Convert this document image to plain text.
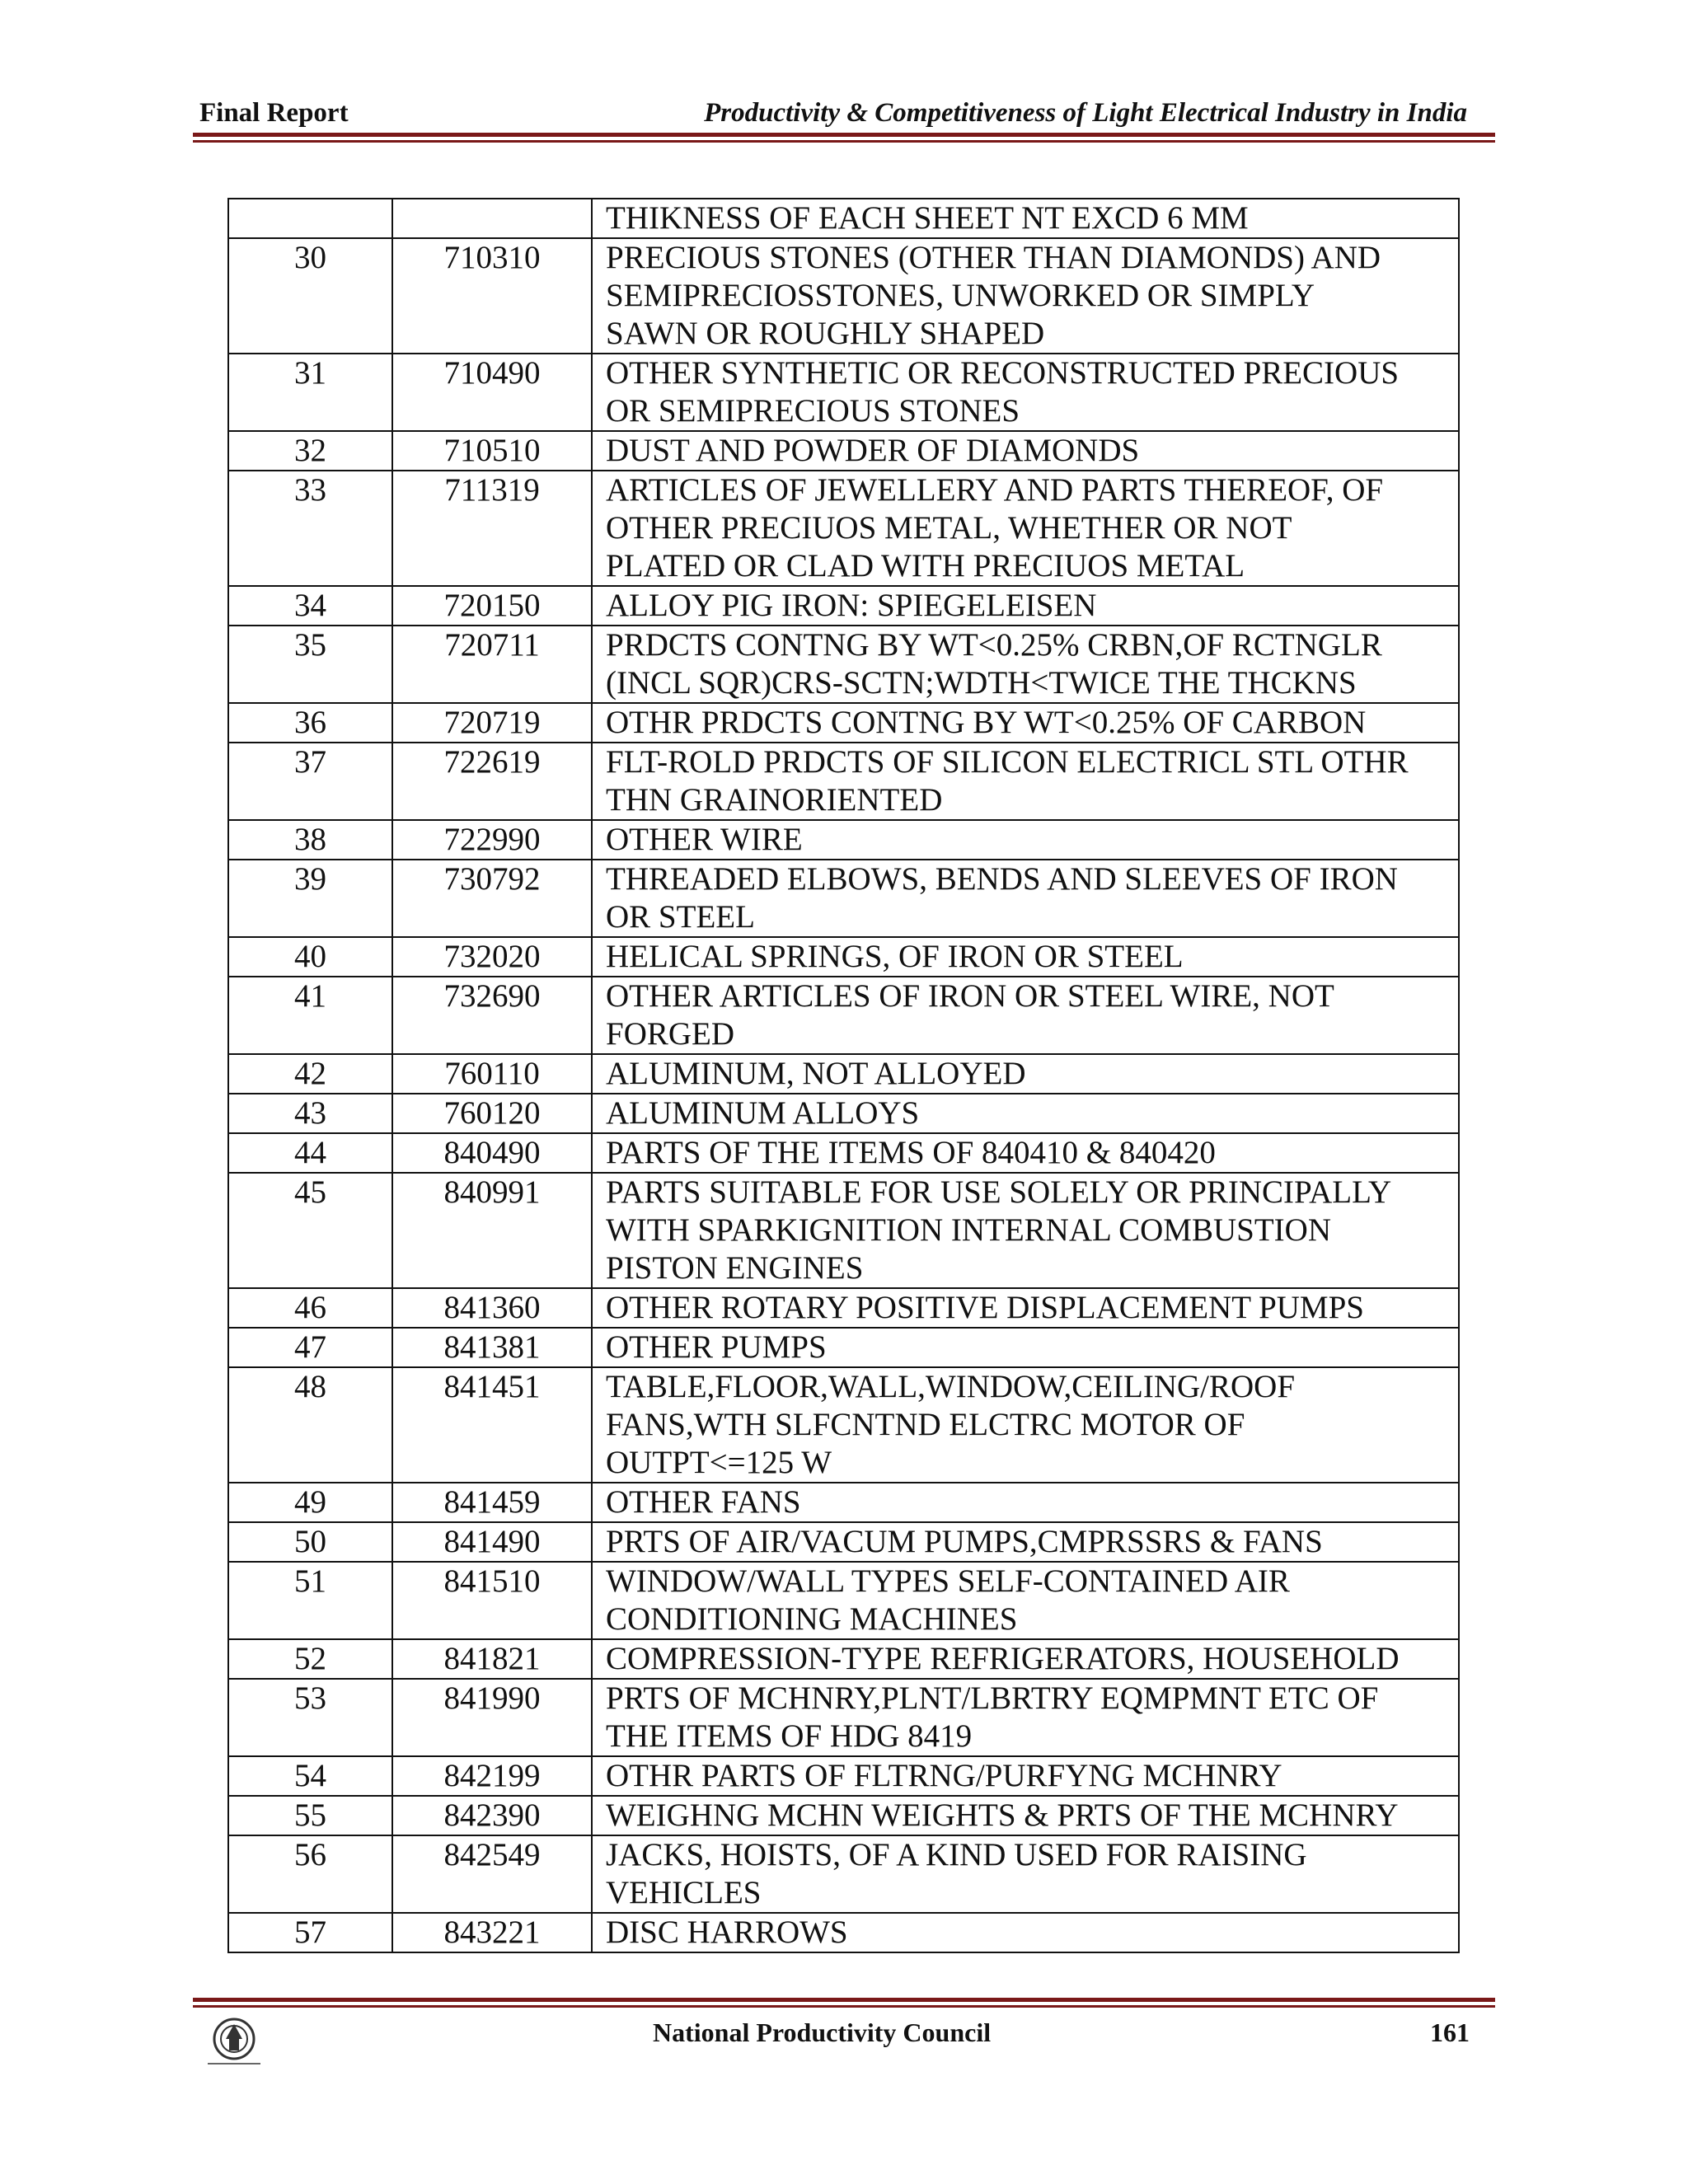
Final Report	Productivity & Competitiveness of Light Electrical Industry in India

		THIKNESS OF EACH SHEET NT EXCD 6 MM

30	710310	PRECIOUS STONES (OTHER THAN DIAMONDS) AND
SEMIPRECIOSSTONES, UNWORKED OR SIMPLY
SAWN OR ROUGHLY SHAPED

31	710490	OTHER SYNTHETIC OR RECONSTRUCTED PRECIOUS
OR SEMIPRECIOUS STONES

32	710510	DUST AND POWDER OF DIAMONDS

33	711319	ARTICLES OF JEWELLERY AND PARTS THEREOF, OF
OTHER PRECIUOS METAL, WHETHER OR NOT
PLATED OR CLAD WITH PRECIUOS METAL

34	720150	ALLOY PIG IRON: SPIEGELEISEN

35	720711	PRDCTS CONTNG BY WT<0.25% CRBN,OF RCTNGLR
(INCL SQR)CRS-SCTN;WDTH<TWICE THE THCKNS

36	720719	OTHR PRDCTS CONTNG BY WT<0.25% OF CARBON

37	722619	FLT-ROLD PRDCTS OF SILICON ELECTRICL STL OTHR
THN GRAINORIENTED

38	722990	OTHER WIRE

39	730792	THREADED ELBOWS, BENDS AND SLEEVES OF IRON
OR STEEL

40	732020	HELICAL SPRINGS, OF IRON OR STEEL

41	732690	OTHER ARTICLES OF IRON OR STEEL WIRE, NOT
FORGED

42	760110	ALUMINUM, NOT ALLOYED

43	760120	ALUMINUM ALLOYS

44	840490	PARTS OF THE ITEMS OF 840410 & 840420

45	840991	PARTS SUITABLE FOR USE SOLELY OR PRINCIPALLY
WITH SPARKIGNITION INTERNAL COMBUSTION
PISTON ENGINES

46	841360	OTHER ROTARY POSITIVE DISPLACEMENT PUMPS

47	841381	OTHER PUMPS

48	841451	TABLE,FLOOR,WALL,WINDOW,CEILING/ROOF
FANS,WTH SLFCNTND ELCTRC MOTOR OF
OUTPT<=125 W

49	841459	OTHER FANS

50	841490	PRTS OF AIR/VACUM PUMPS,CMPRSSRS & FANS

51	841510	WINDOW/WALL TYPES SELF-CONTAINED AIR
CONDITIONING MACHINES

52	841821	COMPRESSION-TYPE REFRIGERATORS, HOUSEHOLD

53	841990	PRTS OF MCHNRY,PLNT/LBRTRY EQMPMNT ETC OF
THE ITEMS OF HDG 8419

54	842199	OTHR PARTS OF FLTRNG/PURFYNG MCHNRY

55	842390	WEIGHNG MCHN WEIGHTS & PRTS OF THE MCHNRY

56	842549	JACKS, HOISTS, OF A KIND USED FOR RAISING
VEHICLES

57	843221	DISC HARROWS
National Productivity Council	161
